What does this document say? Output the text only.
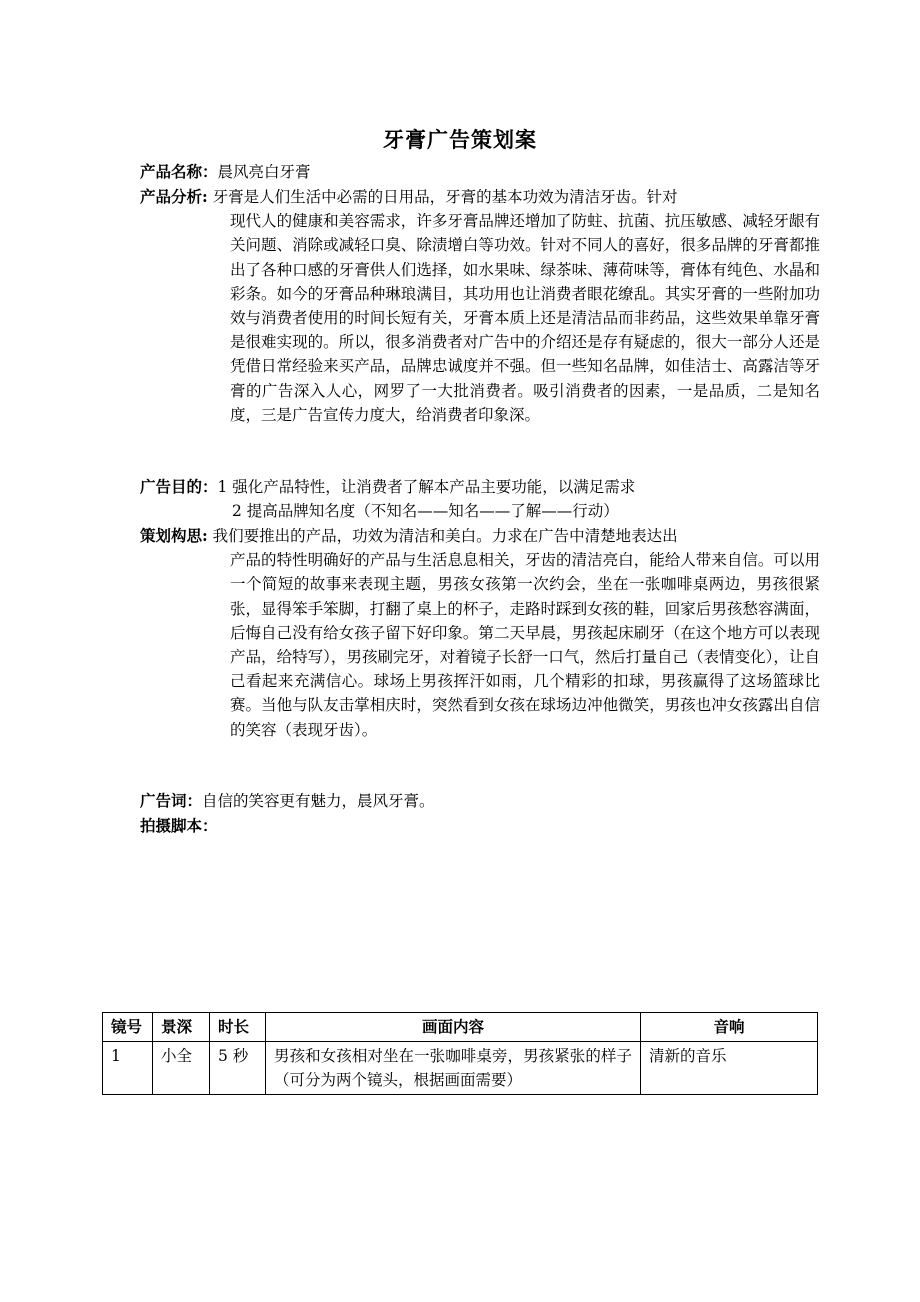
牙膏广告策划案
产品名称：晨风亮白牙膏
产品分析: 牙膏是人们生活中必需的日用品，牙膏的基本功效为清洁牙齿。针对
现代人的健康和美容需求，许多牙膏品牌还增加了防蛀、抗菌、抗压敏感、减轻牙龈有关问题、消除或减轻口臭、除渍增白等功效。针对不同人的喜好，很多品牌的牙膏都推出了各种口感的牙膏供人们选择，如水果味、绿茶味、薄荷味等，膏体有纯色、水晶和彩条。如今的牙膏品种琳琅满目，其功用也让消费者眼花缭乱。其实牙膏的一些附加功效与消费者使用的时间长短有关，牙膏本质上还是清洁品而非药品，这些效果单靠牙膏是很难实现的。所以，很多消费者对广告中的介绍还是存有疑虑的，很大一部分人还是凭借日常经验来买产品，品牌忠诚度并不强。但一些知名品牌，如佳洁士、高露洁等牙膏的广告深入人心，网罗了一大批消费者。吸引消费者的因素，一是品质，二是知名度，三是广告宣传力度大，给消费者印象深。
广告目的：1 强化产品特性，让消费者了解本产品主要功能，以满足需求
2 提高品牌知名度（不知名——知名——了解——行动）
策划构思: 我们要推出的产品，功效为清洁和美白。力求在广告中清楚地表达出
产品的特性明确好的产品与生活息息相关，牙齿的清洁亮白，能给人带来自信。可以用一个简短的故事来表现主题，男孩女孩第一次约会，坐在一张咖啡桌两边，男孩很紧张，显得笨手笨脚，打翻了桌上的杯子，走路时踩到女孩的鞋，回家后男孩愁容满面，后悔自己没有给女孩子留下好印象。第二天早晨，男孩起床刷牙（在这个地方可以表现产品，给特写），男孩刷完牙，对着镜子长舒一口气，然后打量自己（表情变化），让自己看起来充满信心。球场上男孩挥汗如雨，几个精彩的扣球，男孩赢得了这场篮球比赛。当他与队友击掌相庆时，突然看到女孩在球场边冲他微笑，男孩也冲女孩露出自信的笑容（表现牙齿）。
广告词：自信的笑容更有魅力，晨风牙膏。
拍摄脚本：
镜号	景深	时长	画面内容	音响
1	小全	5 秒	男孩和女孩相对坐在一张咖啡桌旁，男孩紧张的样子（可分为两个镜头，根据画面需要）	清新的音乐
